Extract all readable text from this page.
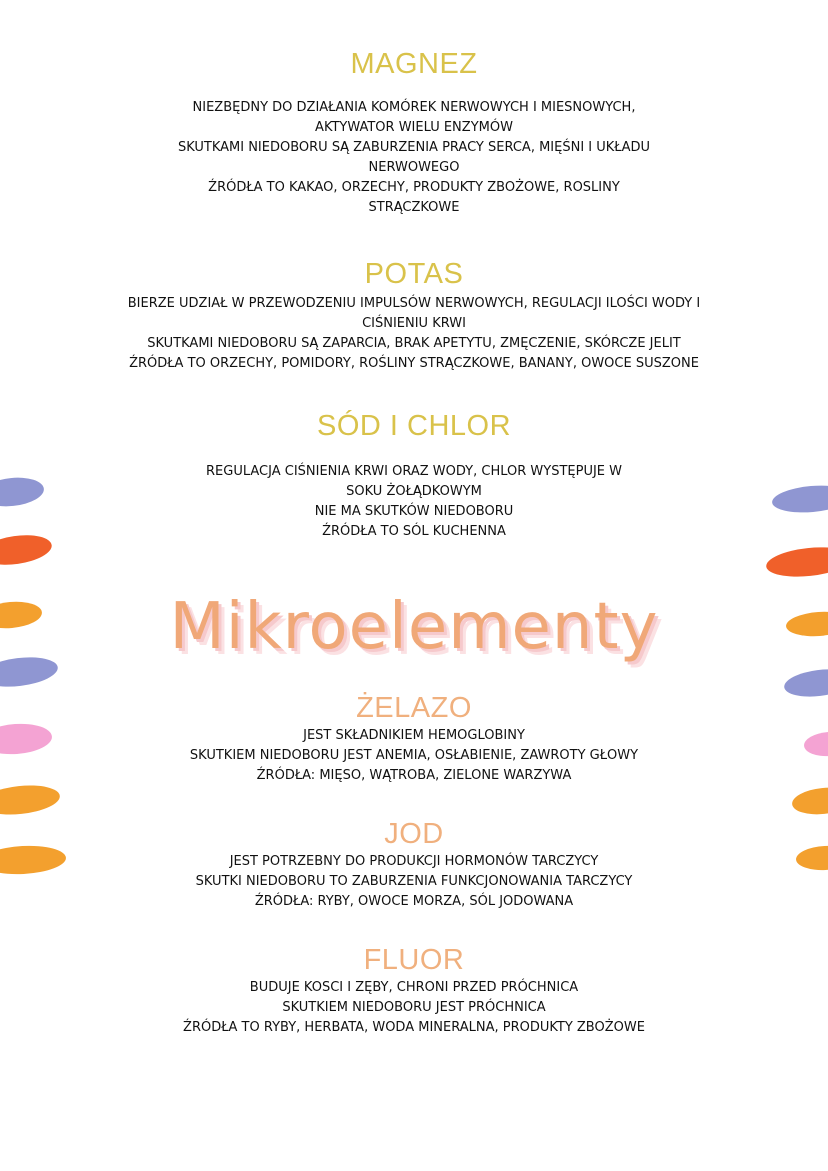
MAGNEZ
NIEZBĘDNY DO DZIAŁANIA KOMÓREK NERWOWYCH I MIESNOWYCH,
AKTYWATOR WIELU ENZYMÓW
SKUTKAMI NIEDOBORU SĄ ZABURZENIA PRACY SERCA, MIĘŚNI I UKŁADU
NERWOWEGO
ŹRÓDŁA TO KAKAO, ORZECHY, PRODUKTY ZBOŻOWE, ROSLINY
STRĄCZKOWE
POTAS
BIERZE UDZIAŁ W PRZEWODZENIU IMPULSÓW NERWOWYCH, REGULACJI ILOŚCI WODY I
CIŚNIENIU KRWI
SKUTKAMI NIEDOBORU SĄ ZAPARCIA, BRAK APETYTU, ZMĘCZENIE, SKÓRCZE JELIT
ŹRÓDŁA TO ORZECHY, POMIDORY, ROŚLINY STRĄCZKOWE, BANANY, OWOCE SUSZONE
SÓD I CHLOR
REGULACJA CIŚNIENIA KRWI ORAZ WODY, CHLOR WYSTĘPUJE W
SOKU ŻOŁĄDKOWYM
NIE MA SKUTKÓW NIEDOBORU
ŹRÓDŁA TO SÓL KUCHENNA
Mikroelementy
ŻELAZO
JEST SKŁADNIKIEM HEMOGLOBINY
SKUTKIEM NIEDOBORU JEST ANEMIA, OSŁABIENIE, ZAWROTY GŁOWY
ŹRÓDŁA: MIĘSO, WĄTROBA, ZIELONE WARZYWA
JOD
JEST POTRZEBNY DO PRODUKCJI HORMONÓW TARCZYCY
SKUTKI NIEDOBORU TO ZABURZENIA FUNKCJONOWANIA TARCZYCY
ŹRÓDŁA: RYBY, OWOCE MORZA, SÓL JODOWANA
FLUOR
BUDUJE KOSCI I ZĘBY, CHRONI PRZED PRÓCHNICA
SKUTKIEM NIEDOBORU JEST PRÓCHNICA
ŹRÓDŁA TO RYBY, HERBATA, WODA MINERALNA, PRODUKTY ZBOŻOWE
